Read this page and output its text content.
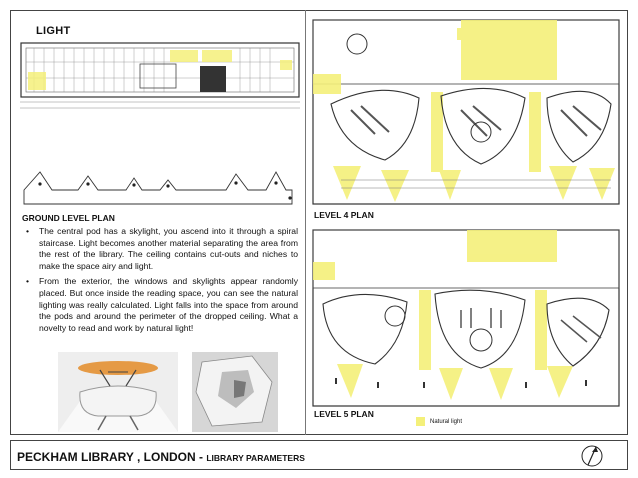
LIGHT
GROUND LEVEL PLAN
• The central pod has a skylight, you ascend into it through a spiral staircase. Light becomes another material separating the area from the rest of the library. The ceiling contains cut-outs and niches to make the space airy and light.
• From the exterior, the windows and skylights appear randomly placed. But once inside the reading space, you can see the natural lighting was really calculated. Light falls into the space from around the pods and around the perimeter of the dropped ceiling. What a novelty to read and work by natural light!
LEVEL 4 PLAN
LEVEL 5 PLAN
Natural light
PECKHAM LIBRARY , LONDON - LIBRARY PARAMETERS
